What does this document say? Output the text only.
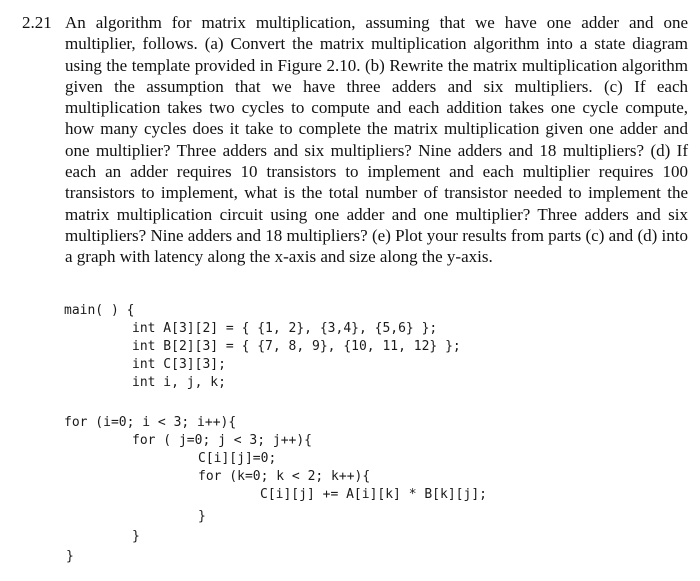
2.21 An algorithm for matrix multiplication, assuming that we have one adder and one multiplier, follows. (a) Convert the matrix multiplication algorithm into a state diagram using the template provided in Figure 2.10. (b) Rewrite the matrix multiplication algorithm given the assumption that we have three adders and six multipliers. (c) If each multiplication takes two cycles to compute and each addition takes one cycle compute, how many cycles does it take to complete the matrix multiplication given one adder and one multiplier? Three adders and six multipliers? Nine adders and 18 multipliers? (d) If each an adder requires 10 transistors to implement and each multiplier requires 100 transistors to implement, what is the total number of transistor needed to implement the matrix multiplication circuit using one adder and one multiplier? Three adders and six multipliers? Nine adders and 18 multipliers? (e) Plot your results from parts (c) and (d) into a graph with latency along the x-axis and size along the y-axis.

main( ) {

int A[3][2] = { {1, 2}, {3,4}, {5,6} };

int B[2][3] = { {7, 8, 9}, {10, 11, 12} };

int C[3][3];

int i, j, k;

for (i=0; i < 3; i++){

for ( j=0; j < 3; j++){

C[i][j]=0;

for (k=0; k < 2; k++){

C[i][j] += A[i][k] * B[k][j];

}

}

}
